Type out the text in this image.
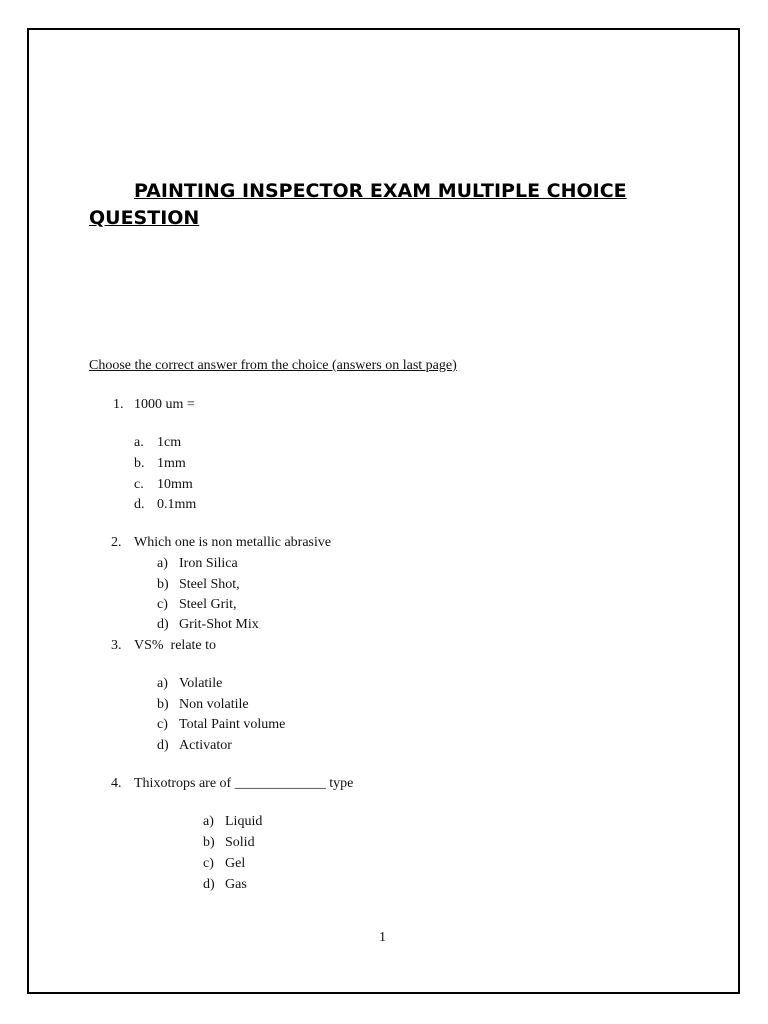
PAINTING INSPECTOR EXAM MULTIPLE CHOICE QUESTION
Choose the correct answer from the choice (answers on last page)
1. 1000 um =
a. 1cm
b. 1mm
c. 10mm
d. 0.1mm
2. Which one is non metallic abrasive
a) Iron Silica
b) Steel Shot,
c) Steel Grit,
d) Grit-Shot Mix
3. VS%  relate to
a) Volatile
b) Non volatile
c) Total Paint volume
d) Activator
4. Thixotrops are of _____________ type
a) Liquid
b) Solid
c) Gel
d) Gas
1
